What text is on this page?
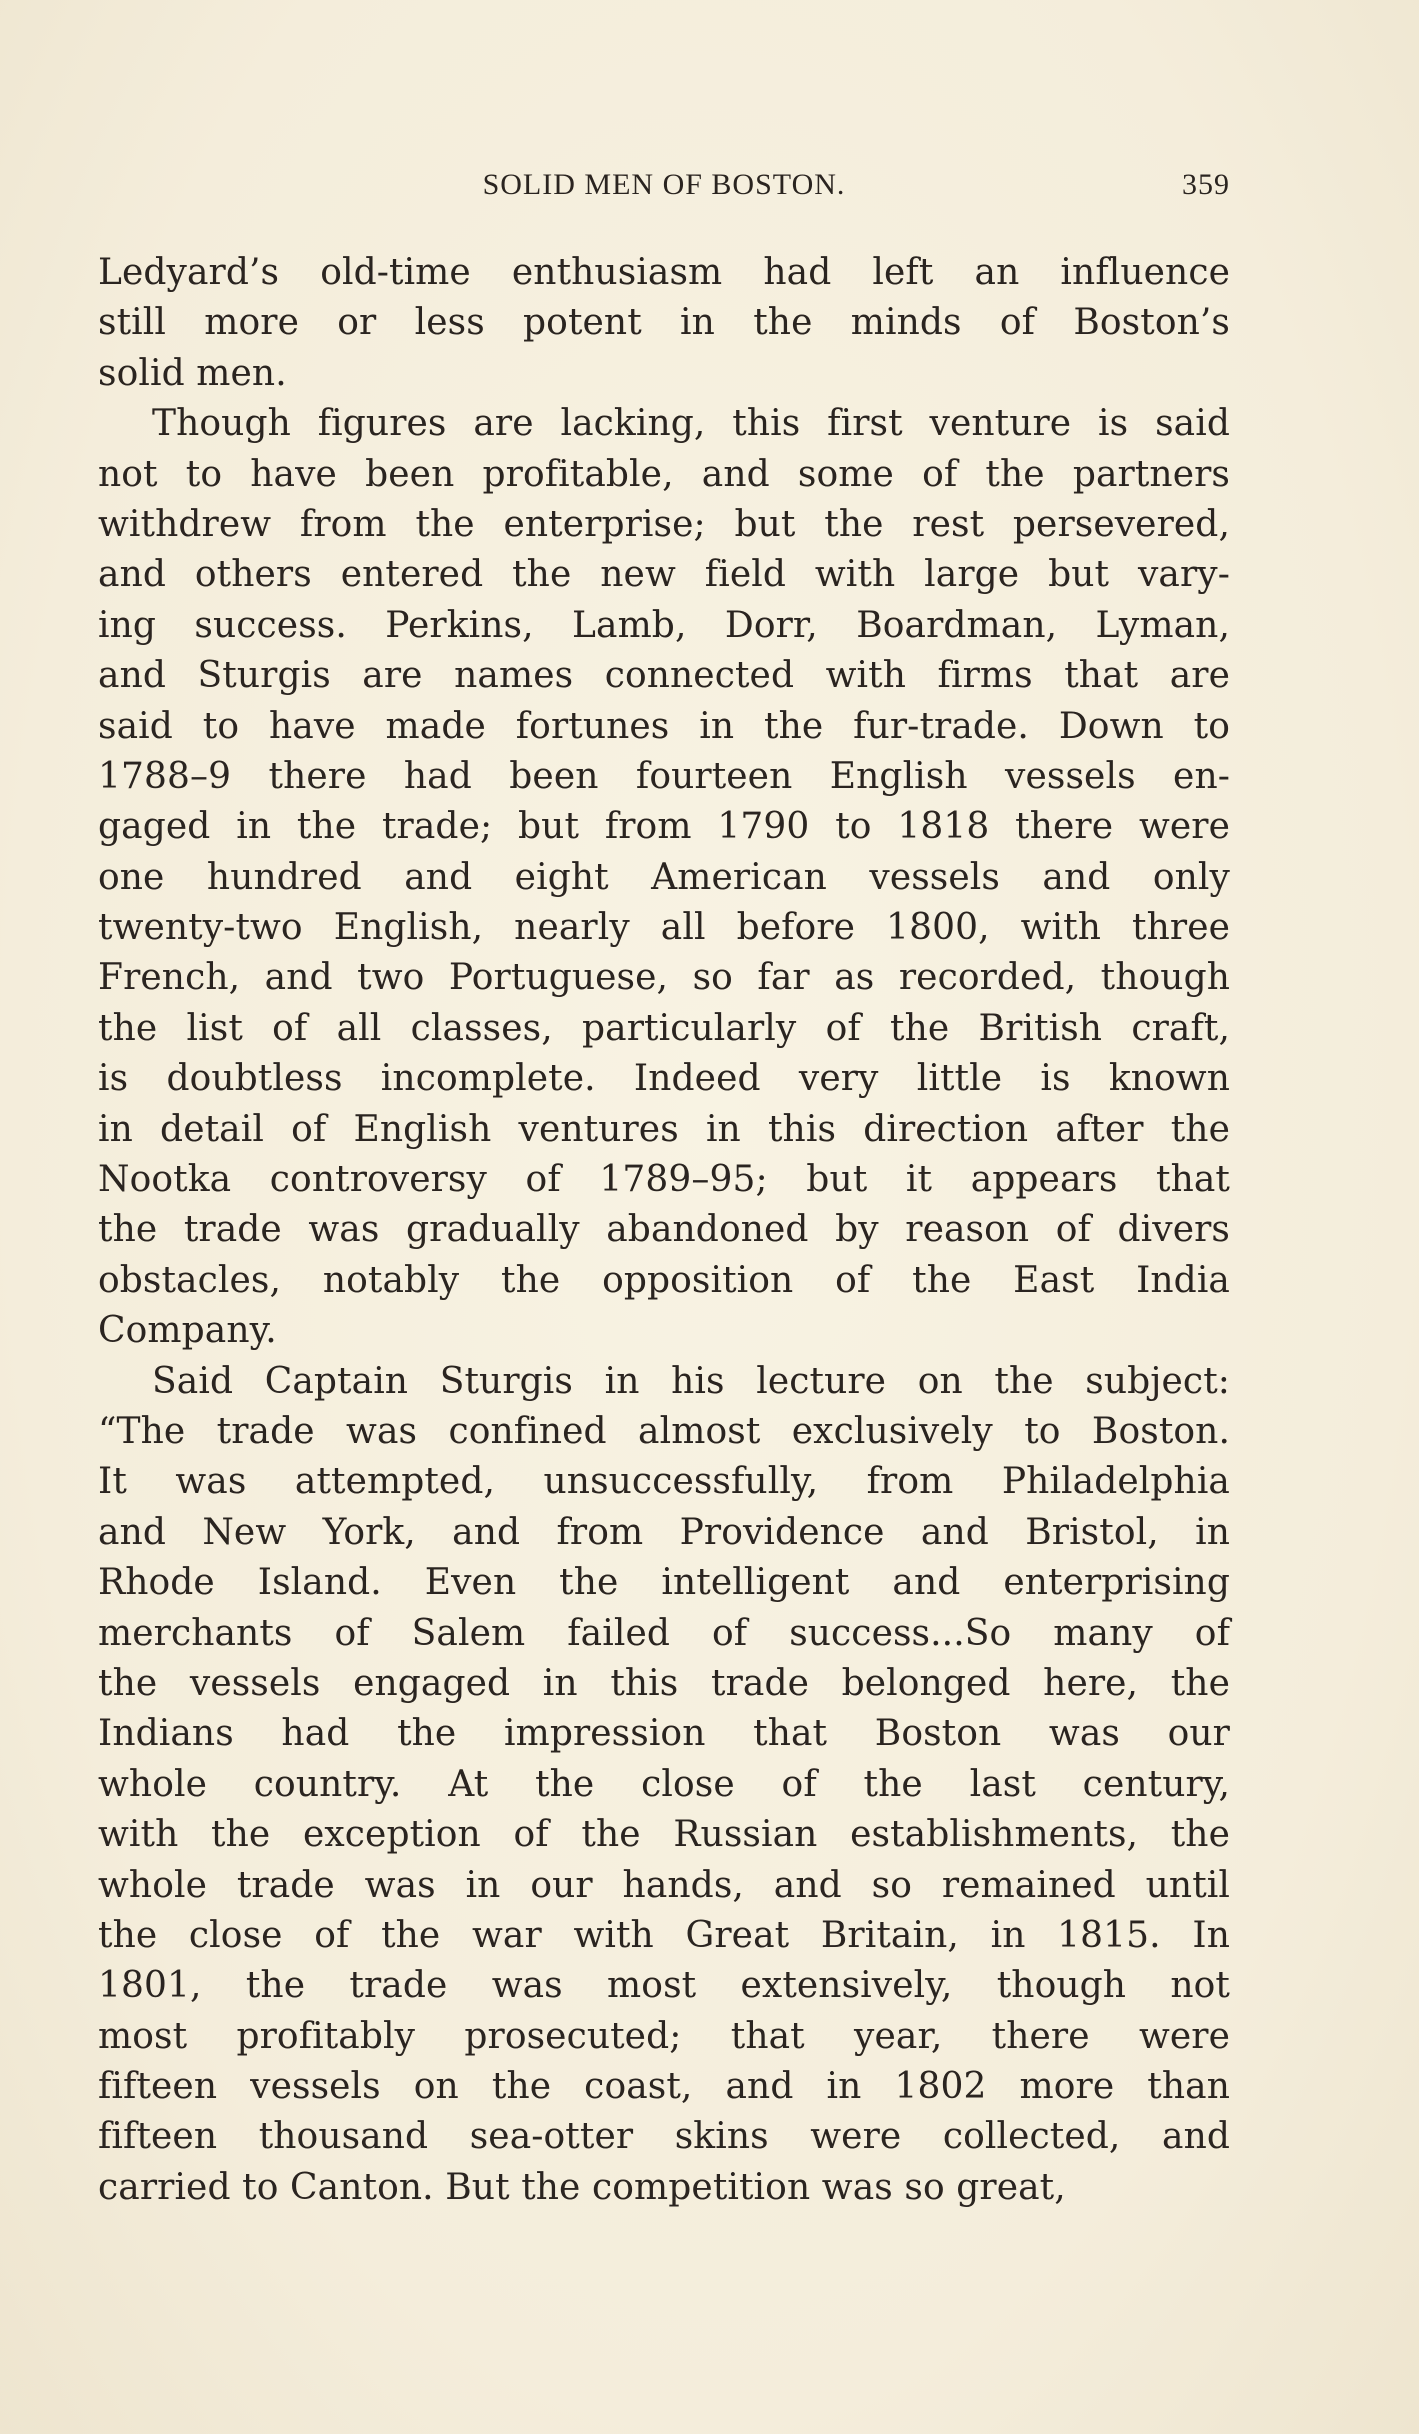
SOLID MEN OF BOSTON.	359
Ledyard’s old-time enthusiasm had left an influence
still more or less potent in the minds of Boston’s
solid men.
Though figures are lacking, this first venture is said
not to have been profitable, and some of the partners
withdrew from the enterprise; but the rest persevered,
and others entered the new field with large but vary-
ing success. Perkins, Lamb, Dorr, Boardman, Lyman,
and Sturgis are names connected with firms that are
said to have made fortunes in the fur-trade. Down to
1788–9 there had been fourteen English vessels en-
gaged in the trade; but from 1790 to 1818 there were
one hundred and eight American vessels and only
twenty-two English, nearly all before 1800, with three
French, and two Portuguese, so far as recorded, though
the list of all classes, particularly of the British craft,
is doubtless incomplete. Indeed very little is known
in detail of English ventures in this direction after the
Nootka controversy of 1789–95; but it appears that
the trade was gradually abandoned by reason of divers
obstacles, notably the opposition of the East India
Company.
Said Captain Sturgis in his lecture on the subject:
“The trade was confined almost exclusively to Boston.
It was attempted, unsuccessfully, from Philadelphia
and New York, and from Providence and Bristol, in
Rhode Island. Even the intelligent and enterprising
merchants of Salem failed of success...So many of
the vessels engaged in this trade belonged here, the
Indians had the impression that Boston was our
whole country. At the close of the last century,
with the exception of the Russian establishments, the
whole trade was in our hands, and so remained until
the close of the war with Great Britain, in 1815. In
1801, the trade was most extensively, though not
most profitably prosecuted; that year, there were
fifteen vessels on the coast, and in 1802 more than
fifteen thousand sea-otter skins were collected, and
carried to Canton. But the competition was so great,
